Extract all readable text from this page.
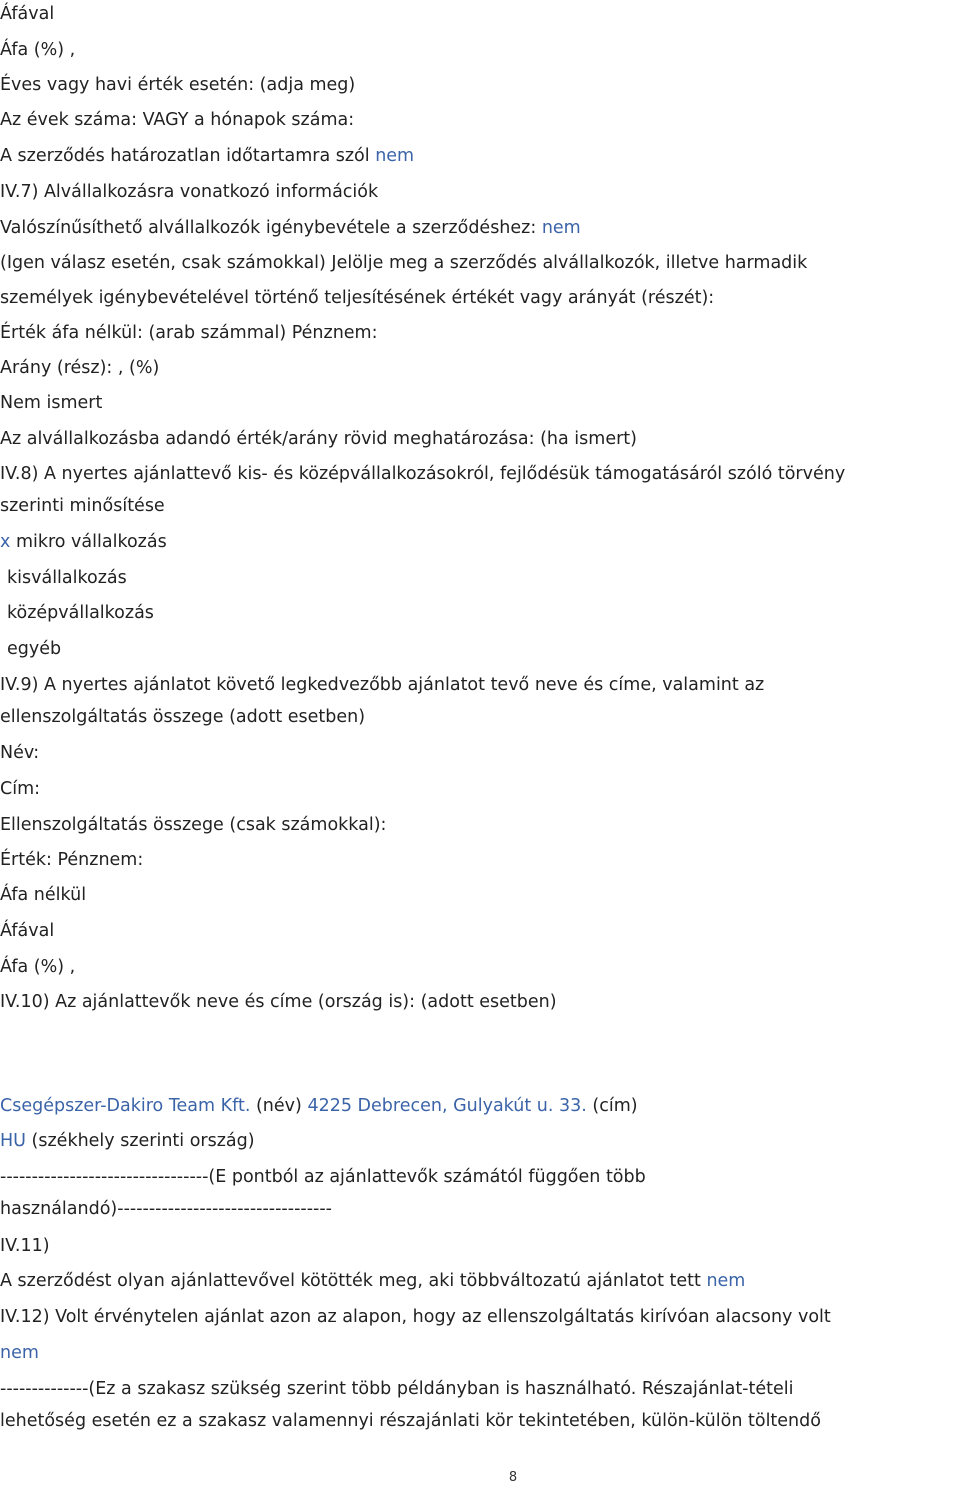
Áfával
Áfa (%) ,
Éves vagy havi érték esetén: (adja meg)
Az évek száma: VAGY a hónapok száma:
A szerződés határozatlan időtartamra szól nem
IV.7) Alvállalkozásra vonatkozó információk
Valószínűsíthető alvállalkozók igénybevétele a szerződéshez: nem
(Igen válasz esetén, csak számokkal) Jelölje meg a szerződés alvállalkozók, illetve harmadik
személyek igénybevételével történő teljesítésének értékét vagy arányát (részét):
Érték áfa nélkül: (arab számmal) Pénznem:
Arány (rész): , (%)
Nem ismert
Az alvállalkozásba adandó érték/arány rövid meghatározása: (ha ismert)
IV.8) A nyertes ajánlattevő kis- és középvállalkozásokról, fejlődésük támogatásáról szóló törvény
szerinti minősítése
x mikro vállalkozás
kisvállalkozás
középvállalkozás
egyéb
IV.9) A nyertes ajánlatot követő legkedvezőbb ajánlatot tevő neve és címe, valamint az
ellenszolgáltatás összege (adott esetben)
Név:
Cím:
Ellenszolgáltatás összege (csak számokkal):
Érték: Pénznem:
Áfa nélkül
Áfával
Áfa (%) ,
IV.10) Az ajánlattevők neve és címe (ország is): (adott esetben)
Csegépszer-Dakiro Team Kft. (név) 4225 Debrecen, Gulyakút u. 33. (cím)
HU (székhely szerinti ország)
---------------------------------(E pontból az ajánlattevők számától függően több
használandó)----------------------------------
IV.11)
A szerződést olyan ajánlattevővel kötötték meg, aki többváltozatú ajánlatot tett nem
IV.12) Volt érvénytelen ajánlat azon az alapon, hogy az ellenszolgáltatás kirívóan alacsony volt
nem
--------------(Ez a szakasz szükség szerint több példányban is használható. Részajánlat-tételi
lehetőség esetén ez a szakasz valamennyi részajánlati kör tekintetében, külön-külön töltendő
8
